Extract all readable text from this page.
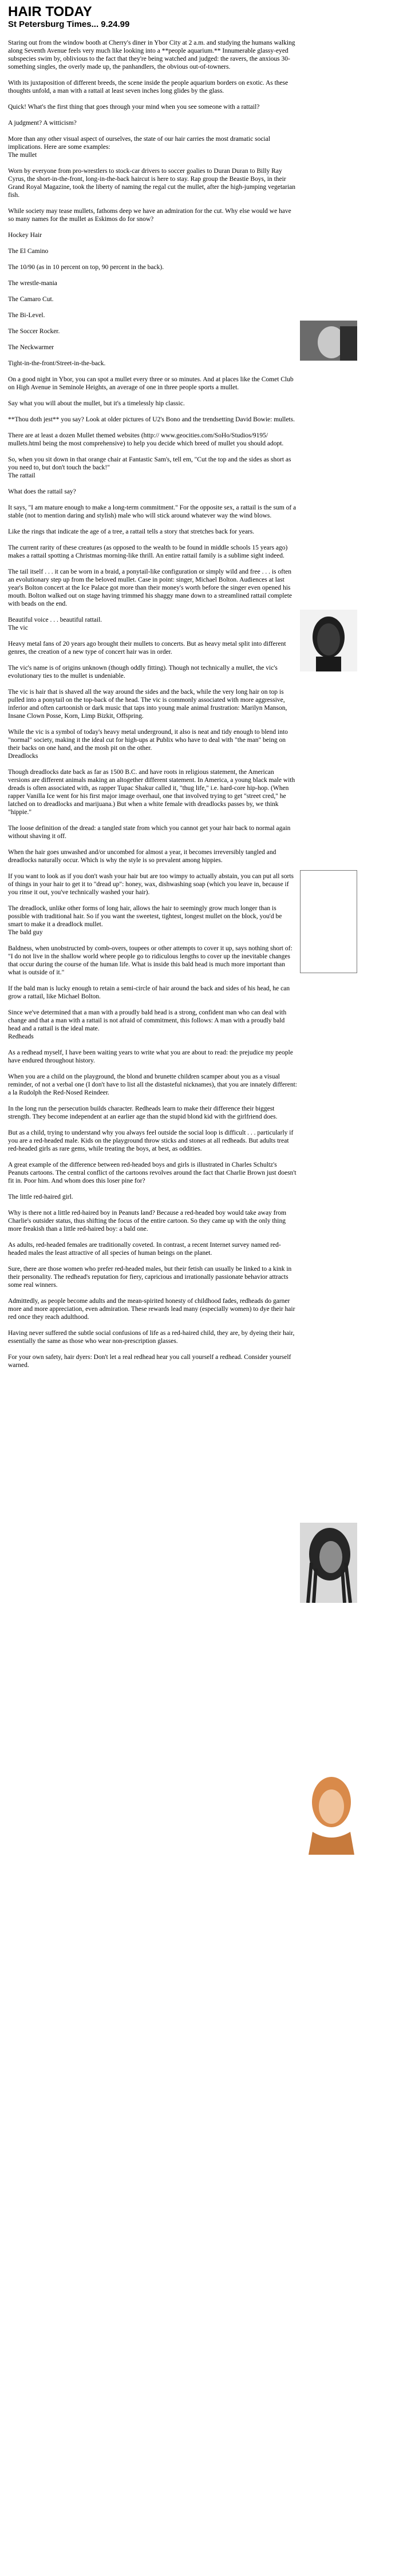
HAIR TODAY
St Petersburg Times... 9.24.99

Staring out from the window booth at Cherry's diner in Ybor City at 2 a.m. and studying the humans walking along Seventh Avenue feels very much like looking into a **people aquarium.** Innumerable glassy-eyed subspecies swim by, oblivious to the fact that they're being watched and judged: the ravers, the anxious 30-something singles, the overly made up, the panhandlers, the obvious out-of-towners.

With its juxtaposition of different breeds, the scene inside the people aquarium borders on exotic. As these thoughts unfold, a man with a rattail at least seven inches long glides by the glass.

Quick! What's the first thing that goes through your mind when you see someone with a rattail?

A judgment? A witticism?

More than any other visual aspect of ourselves, the state of our hair carries the most dramatic social implications. Here are some examples:
The mullet

Worn by everyone from pro-wrestlers to stock-car drivers to soccer goalies to Duran Duran to Billy Ray Cyrus, the short-in-the-front, long-in-the-back haircut is here to stay. Rap group the Beastie Boys, in their Grand Royal Magazine, took the liberty of naming the regal cut the mullet, after the high-jumping vegetarian fish.

While society may tease mullets, fathoms deep we have an admiration for the cut. Why else would we have so many names for the mullet as Eskimos do for snow?

Hockey Hair

The El Camino

The 10/90 (as in 10 percent on top, 90 percent in the back).

The wrestle-mania

The Camaro Cut.

The Bi-Level.

The Soccer Rocker.

The Neckwarmer

Tight-in-the-front/Street-in-the-back.

On a good night in Ybor, you can spot a mullet every three or so minutes. And at places like the Comet Club on High Avenue in Seminole Heights, an average of one in three people sports a mullet.

Say what you will about the mullet, but it's a timelessly hip classic.

**Thou doth jest** you say? Look at older pictures of U2's Bono and the trendsetting David Bowie: mullets.

There are at least a dozen Mullet themed websites (http:// www.geocities.com/SoHo/Studios/9195/ mullets.html being the most comprehensive) to help you decide which breed of mullet you should adopt.

So, when you sit down in that orange chair at Fantastic Sam's, tell em, "Cut the top and the sides as short as you need to, but don't touch the back!"
The rattail

What does the rattail say?

It says, "I am mature enough to make a long-term commitment." For the opposite sex, a rattail is the sum of a stable (not to mention daring and stylish) male who will stick around whatever way the wind blows.

Like the rings that indicate the age of a tree, a rattail tells a story that stretches back for years.

The current rarity of these creatures (as opposed to the wealth to be found in middle schools 15 years ago) makes a rattail spotting a Christmas morning-like thrill. An entire rattail family is a sublime sight indeed.

The tail itself . . . it can be worn in a braid, a ponytail-like configuration or simply wild and free . . . is often an evolutionary step up from the beloved mullet. Case in point: singer, Michael Bolton. Audiences at last year's Bolton concert at the Ice Palace got more than their money's worth before the singer even opened his mouth. Bolton walked out on stage having trimmed his shaggy mane down to a streamlined rattail complete with beads on the end.

Beautiful voice . . . beautiful rattail.
The vic

Heavy metal fans of 20 years ago brought their mullets to concerts. But as heavy metal split into different genres, the creation of a new type of concert hair was in order.

The vic's name is of origins unknown (though oddly fitting). Though not technically a mullet, the vic's evolutionary ties to the mullet is undeniable.

The vic is hair that is shaved all the way around the sides and the back, while the very long hair on top is pulled into a ponytail on the top-back of the head. The vic is commonly associated with more aggressive, inferior and often cartoonish or dark music that taps into young male animal frustration: Marilyn Manson, Insane Clown Posse, Korn, Limp Bizkit, Offspring.

While the vic is a symbol of today's heavy metal underground, it also is neat and tidy enough to blend into "normal" society, making it the ideal cut for high-ups at Publix who have to deal with "the man" being on their backs on one hand, and the mosh pit on the other.
Dreadlocks

Though dreadlocks date back as far as 1500 B.C. and have roots in religious statement, the American versions are different animals making an altogether different statement. In America, a young black male with dreads is often associated with, as rapper Tupac Shakur called it, "thug life," i.e. hard-core hip-hop. (When rapper Vanilla Ice went for his first major image overhaul, one that involved trying to get "street cred," he latched on to dreadlocks and marijuana.) But when a white female with dreadlocks passes by, we think "hippie."

The loose definition of the dread: a tangled state from which you cannot get your hair back to normal again without shaving it off.

When the hair goes unwashed and/or uncombed for almost a year, it becomes irreversibly tangled and dreadlocks naturally occur. Which is why the style is so prevalent among hippies.

If you want to look as if you don't wash your hair but are too wimpy to actually abstain, you can put all sorts of things in your hair to get it to "dread up": honey, wax, dishwashing soap (which you leave in, because if you rinse it out, you've technically washed your hair).

The dreadlock, unlike other forms of long hair, allows the hair to seemingly grow much longer than is possible with traditional hair. So if you want the sweetest, tightest, longest mullet on the block, you'd be smart to make it a dreadlock mullet.
The bald guy

Baldness, when unobstructed by comb-overs, toupees or other attempts to cover it up, says nothing short of: "I do not live in the shallow world where people go to ridiculous lengths to cover up the inevitable changes that occur during the course of the human life. What is inside this bald head is much more important than what is outside of it."

If the bald man is lucky enough to retain a semi-circle of hair around the back and sides of his head, he can grow a rattail, like Michael Bolton.

Since we've determined that a man with a proudly bald head is a strong, confident man who can deal with change and that a man with a rattail is not afraid of commitment, this follows: A man with a proudly bald head and a rattail is the ideal mate.
Redheads

As a redhead myself, I have been waiting years to write what you are about to read: the prejudice my people have endured throughout history.

When you are a child on the playground, the blond and brunette children scamper about you as a visual reminder, of not a verbal one (I don't have to list all the distasteful nicknames), that you are innately different: a la Rudolph the Red-Nosed Reindeer.

In the long run the persecution builds character. Redheads learn to make their difference their biggest strength. They become independent at an earlier age than the stupid blond kid with the girlfriend does.

But as a child, trying to understand why you always feel outside the social loop is difficult . . . particularly if you are a red-headed male. Kids on the playground throw sticks and stones at all redheads. But adults treat red-headed girls as rare gems, while treating the boys, at best, as oddities.

A great example of the difference between red-headed boys and girls is illustrated in Charles Schultz's Peanuts cartoons. The central conflict of the cartoons revolves around the fact that Charlie Brown just doesn't fit in. Poor him. And whom does this loser pine for?

The little red-haired girl.

Why is there not a little red-haired boy in Peanuts land? Because a red-headed boy would take away from Charlie's outsider status, thus shifting the focus of the entire cartoon. So they came up with the only thing more freakish than a little red-haired boy: a bald one.

As adults, red-headed females are traditionally coveted. In contrast, a recent Internet survey named red-headed males the least attractive of all species of human beings on the planet.

Sure, there are those women who prefer red-headed males, but their fetish can usually be linked to a kink in their personality. The redhead's reputation for fiery, capricious and irrationally passionate behavior attracts some real winners.

Admittedly, as people become adults and the mean-spirited honesty of childhood fades, redheads do garner more and more appreciation, even admiration. These rewards lead many (especially women) to dye their hair red once they reach adulthood.

Having never suffered the subtle social confusions of life as a red-haired child, they are, by dyeing their hair, essentially the same as those who wear non-prescription glasses.

For your own safety, hair dyers: Don't let a real redhead hear you call yourself a redhead. Consider yourself warned.
